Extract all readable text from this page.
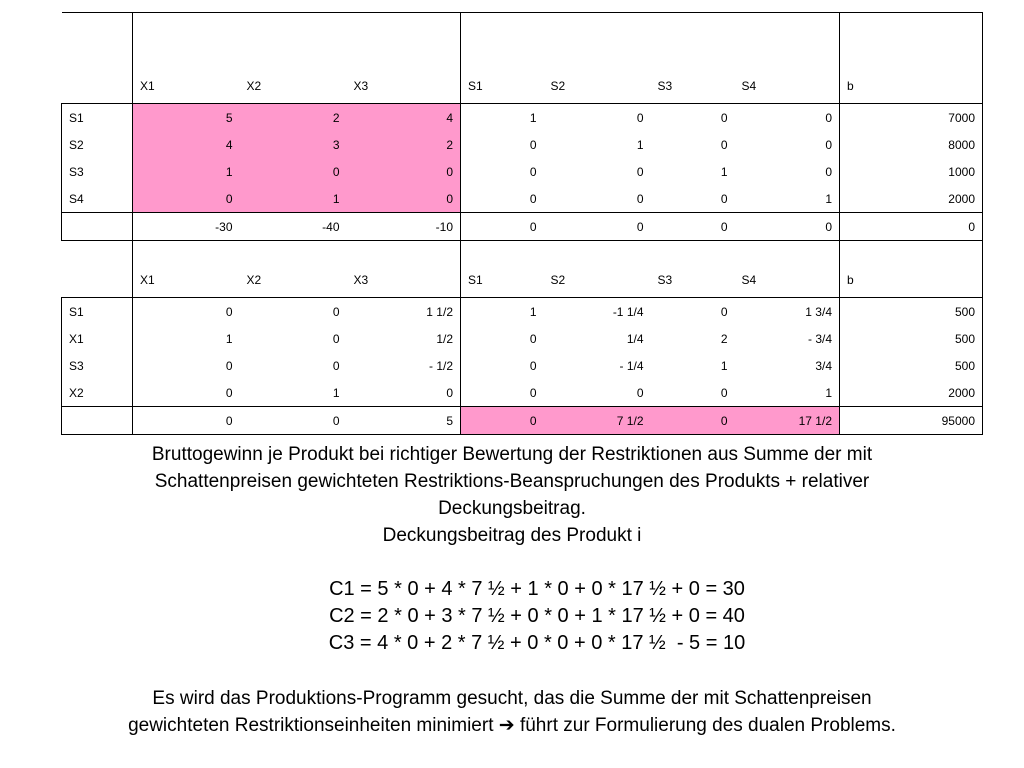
	X1	X2	X3	S1	S2	S3	S4	b
S1	5	2	4	1	0	0	0	7000
S2	4	3	2	0	1	0	0	8000
S3	1	0	0	0	0	1	0	1000
S4	0	1	0	0	0	0	1	2000
	-30	-40	-10	0	0	0	0	0
	X1	X2	X3	S1	S2	S3	S4	b
S1	0	0	1 1/2	1	-1 1/4	0	1 3/4	500
X1	1	0	1/2	0	1/4	2	- 3/4	500
S3	0	0	- 1/2	0	- 1/4	1	3/4	500
X2	0	1	0	0	0	0	1	2000
	0	0	5	0	7 1/2	0	17 1/2	95000
Bruttogewinn je Produkt bei richtiger Bewertung der Restriktionen aus Summe der mit
Schattenpreisen gewichteten Restriktions-Beanspruchungen des Produkts + relativer
Deckungsbeitrag.
Deckungsbeitrag des Produkt i
C1 = 5 * 0 + 4 * 7 ½ + 1 * 0 + 0 * 17 ½ + 0 = 30
C2 = 2 * 0 + 3 * 7 ½ + 0 * 0 + 1 * 17 ½ + 0 = 40
C3 = 4 * 0 + 2 * 7 ½ + 0 * 0 + 0 * 17 ½  - 5 = 10
Es wird das Produktions-Programm gesucht, das die Summe der mit Schattenpreisen
gewichteten Restriktionseinheiten minimiert ➔ führt zur Formulierung des dualen Problems.
